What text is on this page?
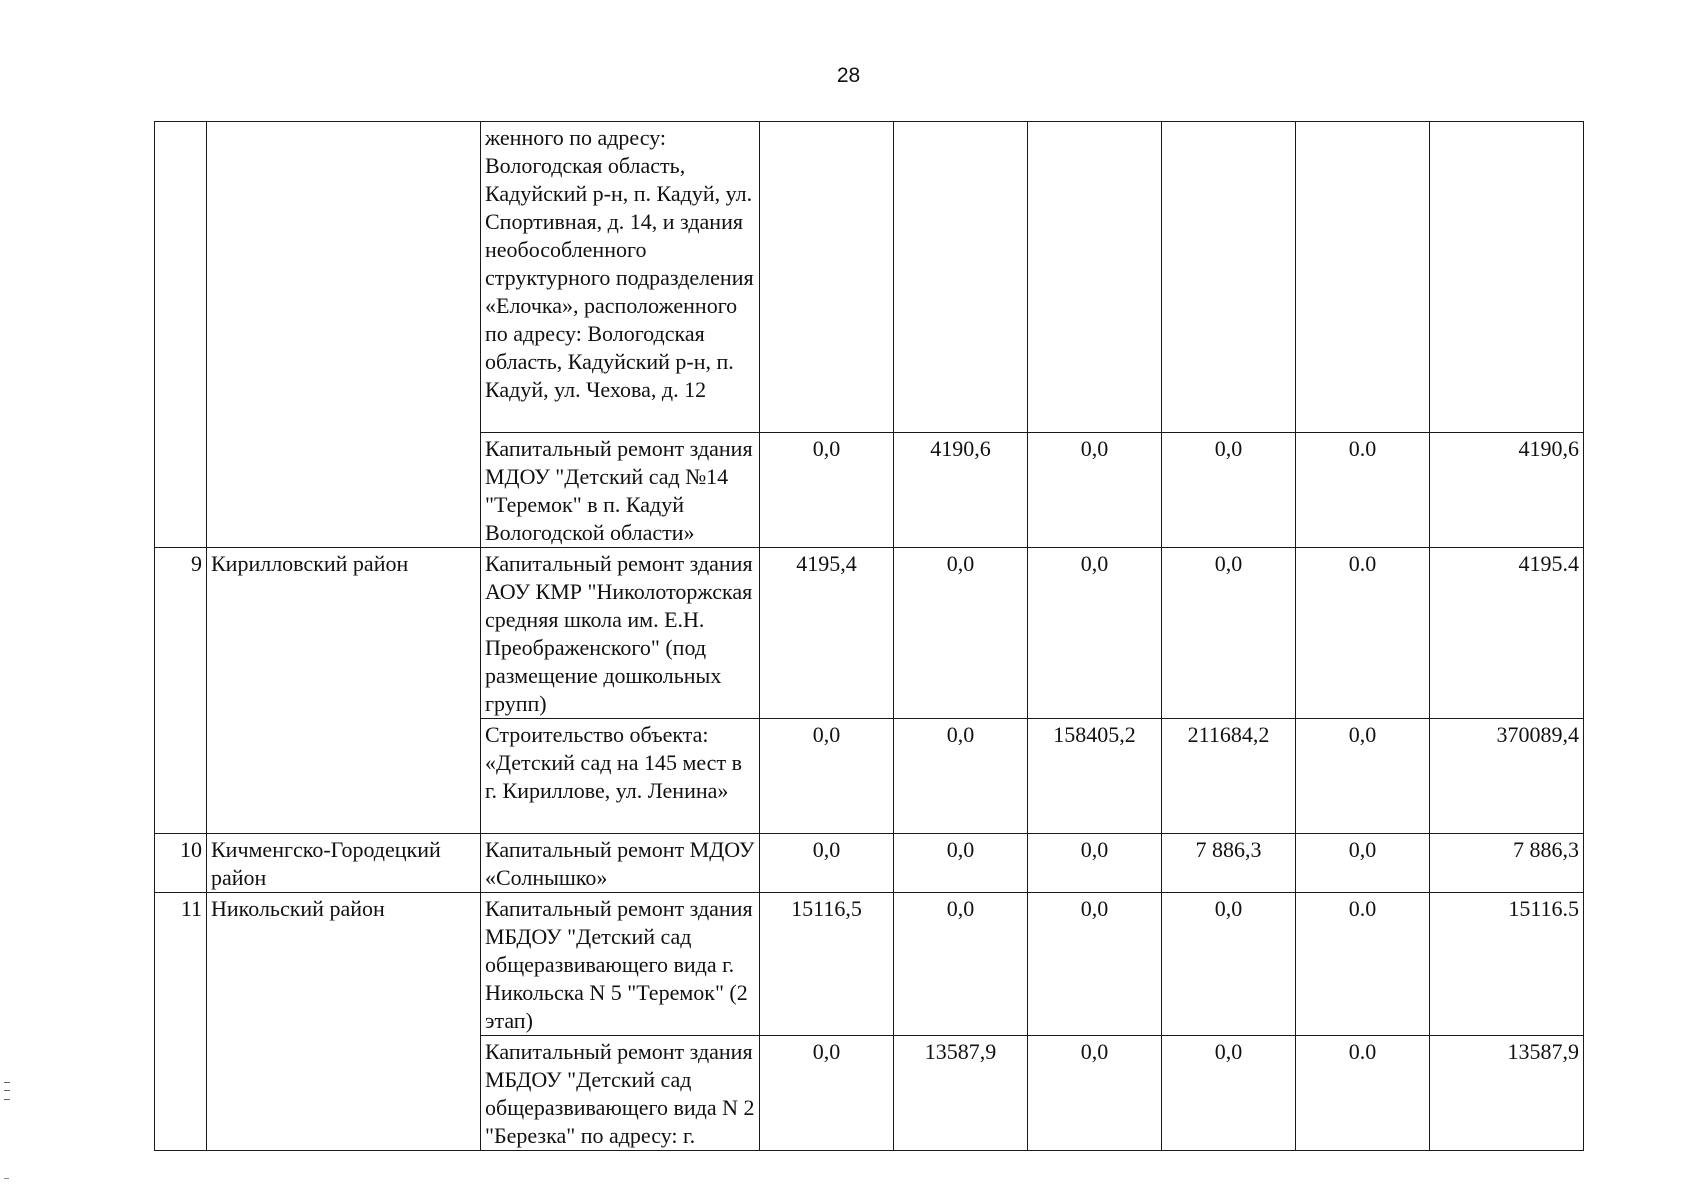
28
		женного по адресу: Вологодская область, Кадуйский р-н, п. Кадуй, ул. Спортивная, д. 14, и здания необособленного структурного подразделения «Елочка», расположенного по адресу: Вологодская область, Кадуйский р-н, п. Кадуй, ул. Чехова, д. 12						
		Капитальный ремонт здания МДОУ "Детский сад №14 "Теремок" в п. Кадуй Вологодской области»	0,0	4190,6	0,0	0,0	0.0	4190,6
9	Кирилловский район	Капитальный ремонт здания АОУ КМР "Николоторжская средняя школа им. Е.Н. Преображенского" (под размещение дошкольных групп)	4195,4	0,0	0,0	0,0	0.0	4195.4
		Строительство объекта: «Детский сад на 145 мест в г. Кириллове, ул. Ленина»	0,0	0,0	158405,2	211684,2	0,0	370089,4
10	Кичменгско-Городецкий район	Капитальный ремонт МДОУ «Солнышко»	0,0	0,0	0,0	7 886,3	0,0	7 886,3
11	Никольский район	Капитальный ремонт здания МБДОУ "Детский сад общеразвивающего вида г. Никольска N 5 "Теремок" (2 этап)	15116,5	0,0	0,0	0,0	0.0	15116.5
		Капитальный ремонт здания МБДОУ "Детский сад общеразвивающего вида N 2 "Березка" по адресу: г.	0,0	13587,9	0,0	0,0	0.0	13587,9
